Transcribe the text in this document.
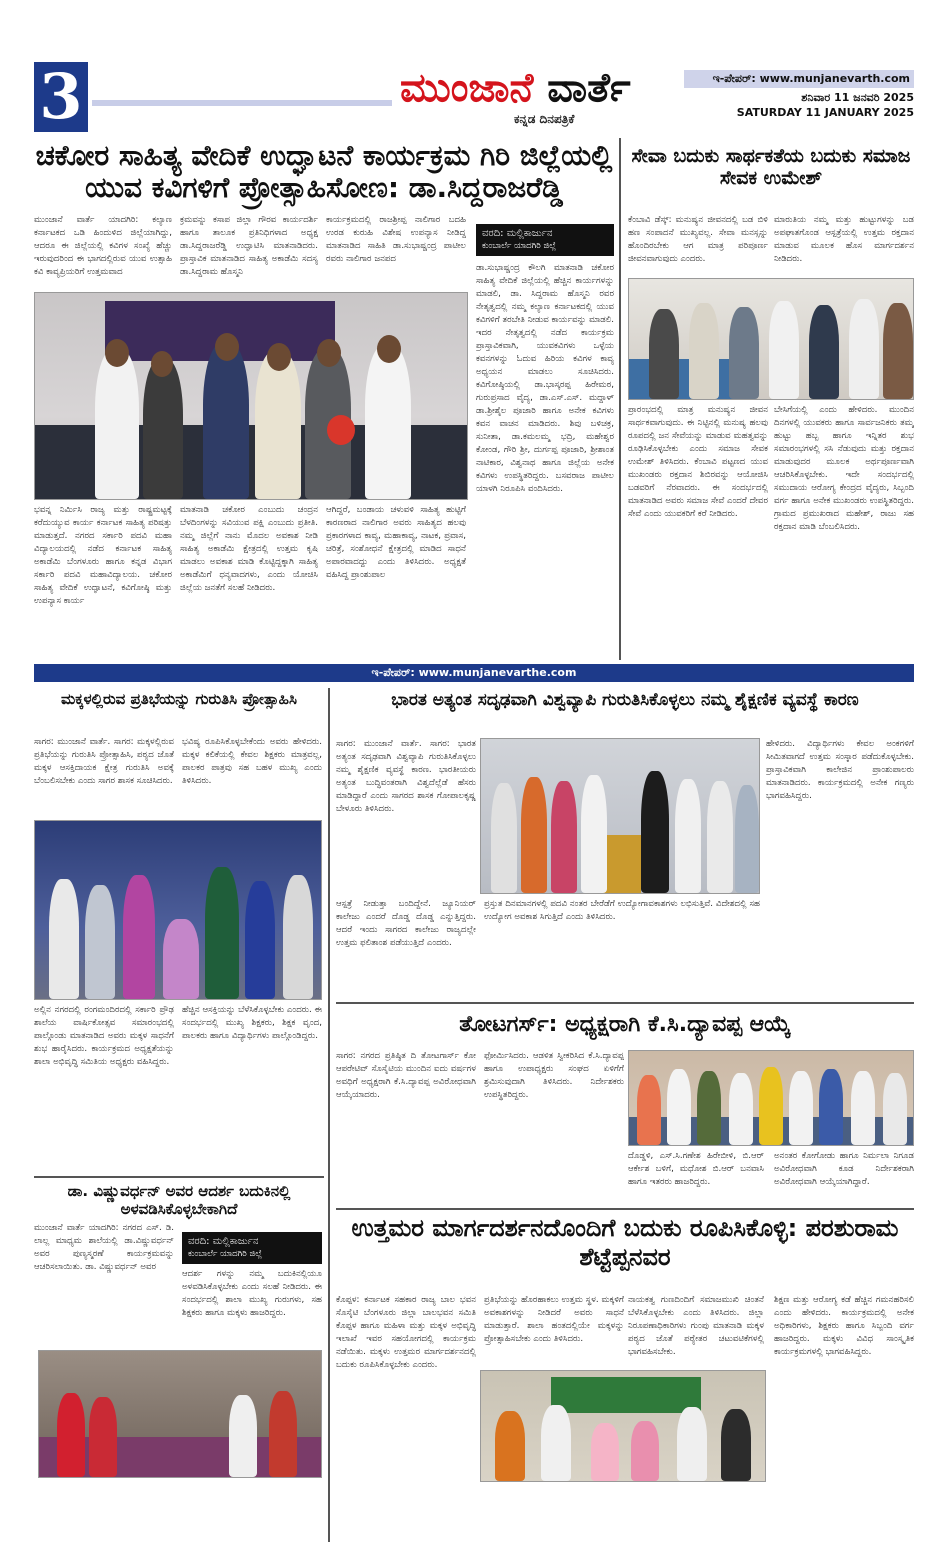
3	ಮುಂಜಾನೆ ವಾರ್ತೆ
ಕನ್ನಡ ದಿನಪತ್ರಿಕೆ
ಇ-ಪೇಪರ್: www.munjanevarth.com
ಶನಿವಾರ 11 ಜನವರಿ 2025
SATURDAY 11 JANUARY 2025
ಚಕೋರ ಸಾಹಿತ್ಯ ವೇದಿಕೆ ಉದ್ಘಾಟನೆ ಕಾರ್ಯಕ್ರಮ ಗಿರಿ ಜಿಲ್ಲೆಯಲ್ಲಿ ಯುವ ಕವಿಗಳಿಗೆ ಪ್ರೋತ್ಸಾಹಿಸೋಣ: ಡಾ.ಸಿದ್ದರಾಜರೆಡ್ಡಿ
ಮುಂಜಾನೆ ವಾರ್ತೆ ಯಾದಗಿರಿ: ಕಲ್ಯಾಣ ಕರ್ನಾಟಕದ ಒಡಿ ಹಿಂದುಳಿದ ಜಿಲ್ಲೆಯಾಗಿದ್ದು, ಆದರೂ ಈ ಜಿಲ್ಲೆಯಲ್ಲಿ ಕವಿಗಳ ಸಂಖ್ಯೆ ಹೆಚ್ಚು ಇರುವುದರಿಂದ ಈ ಭಾಗದಲ್ಲಿರುವ ಯುವ ಉತ್ಸಾಹಿ ಕವಿ ಕಾವ್ಯಪ್ರಿಯರಿಗೆ ಉತ್ತಮವಾದ
ಕ್ರಮವನ್ನು ಕಸಾಪ ಜಿಲ್ಲಾ ಗೌರವ ಕಾರ್ಯದರ್ಶಿ ಹಾಗೂ ತಾಲೂಕ ಪ್ರತಿನಿಧಿಗಳಾದ ಅಧ್ಯಕ್ಷ ಡಾ.ಸಿದ್ದರಾಜರೆಡ್ಡಿ ಉದ್ಘಾಟಿಸಿ ಮಾತನಾಡಿದರು. ಪ್ರಾಸ್ತಾವಿಕ ಮಾತನಾಡಿದ ಸಾಹಿತ್ಯ ಅಕಾಡೆಮಿ ಸದಸ್ಯ ಡಾ.ಸಿದ್ದರಾಮ ಹೊಸ್ಮನಿ
ಕಾರ್ಯಕ್ರಮದಲ್ಲಿ ರಾಜಶ್ರೀಪ್ಪ ನಾಲಿಗಾರ ಬದಹಿ ಉರಡ ಕುರುಹಿ ವಿಶೇಷ ಉಪನ್ಯಾಸ ನೀಡಿದ್ದ ಮಾತನಾಡಿದ ಸಾಹಿತಿ ಡಾ.ಸುಭಾಷ್ಚಂದ್ರ ಪಾಟೀಲ ರವರು ನಾಲಿಗಾರ ಜನಪದ
ವರದಿ: ಮಲ್ಲಿಕಾರ್ಜುನ
ಕುಂಬಾರ್ಲೆ ಯಾದಗಿರಿ ಜಿಲ್ಲೆ
ಡಾ.ಸುಭಾಷ್ಚಂದ್ರ ಕೌಲಗಿ ಮಾತನಾಡಿ ಚಕೋರ ಸಾಹಿತ್ಯ ವೇದಿಕೆ ಜಿಲ್ಲೆಯಲ್ಲಿ ಹೆಚ್ಚಿನ ಕಾರ್ಯಗಳನ್ನು ಮಾಡಲಿ, ಡಾ. ಸಿದ್ದರಾಮ ಹೊಸ್ಮನಿ ರವರ ನೇತೃತ್ವದಲ್ಲಿ ನಮ್ಮ ಕಲ್ಯಾಣ ಕರ್ನಾಟಕದಲ್ಲಿ ಯುವ ಕವಿಗಳಿಗೆ ತರಬೇತಿ ನೀಡುವ ಕಾರ್ಯವನ್ನು ಮಾಡಲಿ. ಇದರ ನೇತೃತ್ವದಲ್ಲಿ ನಡೆದ ಕಾರ್ಯಕ್ರಮ ಪ್ರಾಸ್ತಾವಿಕವಾಗಿ, ಯುವಕವಿಗಳು ಒಳ್ಳೆಯ ಕವನಗಳನ್ನು ಓದುವ ಹಿರಿಯ ಕವಿಗಳ ಕಾವ್ಯ ಅಧ್ಯಯನ ಮಾಡಲು ಸೂಚಿಸಿದರು. ಕವಿಗೋಷ್ಠಿಯಲ್ಲಿ ಡಾ.ಭಾಸ್ಕರಪ್ಪ ಹಿರೇಮಠ, ಗುರುಪ್ರಸಾದ ವೈದ್ಯ, ಡಾ.ಎಸ್.ಎಸ್. ಮದ್ದಾಳ್ ಡಾ.ಶ್ರೀಶೈಲ ಪೂಜಾರಿ ಹಾಗೂ ಅನೇಕ ಕವಿಗಳು ಕವನ ವಾಚನ ಮಾಡಿದರು. ಶಿವು ಬಳಿಚಕ್ರ, ಸುನೀತಾ, ಡಾ.ಕಮಲಮ್ಮ ಭದ್ರಿ, ಮಹೇಶ್ವರ ಕೋಂಡ, ಗೌರಿ ಶ್ರೀ, ದುರ್ಗಪ್ಪ ಪೂಜಾರಿ, ಶ್ರೀಶಾಂತ ನಾಟಿಕಾರ, ವಿಶ್ವನಾಥ ಹಾಗೂ ಜಿಲ್ಲೆಯ ಅನೇಕ ಕವಿಗಳು ಉಪಸ್ಥಿತರಿದ್ದರು. ಬಸವರಾಜ ಪಾಟೀಲ ಯಾಳಗಿ ನಿರೂಪಿಸಿ ವಂದಿಸಿದರು.
ಭವನ್ನ ನಿರ್ಮಿಸಿ ರಾಜ್ಯ ಮತ್ತು ರಾಷ್ಟ್ರಮಟ್ಟಕ್ಕೆ ಕರೆದುಯ್ಯುವ ಕಾರ್ಯ ಕರ್ನಾಟಕ ಸಾಹಿತ್ಯ ಪರಿಷತ್ತು ಮಾಡುತ್ತದೆ. ನಗರದ ಸರ್ಕಾರಿ ಪದವಿ ಮಹಾ ವಿದ್ಯಾಲಯದಲ್ಲಿ ನಡೆದ ಕರ್ನಾಟಕ ಸಾಹಿತ್ಯ ಅಕಾಡೆಮಿ ಬೆಂಗಳೂರು ಹಾಗೂ ಕನ್ನಡ ವಿಭಾಗ ಸರ್ಕಾರಿ ಪದವಿ ಮಹಾವಿದ್ಯಾಲಯ. ಚಕೋರ ಸಾಹಿತ್ಯ ವೇದಿಕೆ ಉದ್ಘಾಟನೆ, ಕವಿಗೋಷ್ಠಿ ಮತ್ತು ಉಪನ್ಯಾಸ ಕಾರ್ಯ
ಮಾತನಾಡಿ ಚಕೋರ ಎಂಬುದು ಚಂದ್ರನ ಬೆಳದಿಂಗಳನ್ನು ಸವಿಯುವ ಪಕ್ಷಿ ಎಂಬುದು ಪ್ರತೀತಿ. ನಮ್ಮ ಜಿಲ್ಲೆಗೆ ನಾನು ಮೊದಲ ಅವಕಾಶ ನೀಡಿ ಸಾಹಿತ್ಯ ಅಕಾಡೆಮಿ ಕ್ಷೇತ್ರದಲ್ಲಿ ಉತ್ತಮ ಕೃಷಿ ಮಾಡಲು ಅವಕಾಶ ಮಾಡಿ ಕೊಟ್ಟಿದ್ದಕ್ಕಾಗಿ ಸಾಹಿತ್ಯ ಅಕಾಡೆಮಿಗೆ ಧನ್ಯವಾದಗಳು, ಎಂದು ಯೋಚಿಸಿ ಜಿಲ್ಲೆಯ ಜನತೆಗೆ ಸಲಹೆ ನೀಡಿದರು.
ಆಗಿದ್ದರೆ, ಬಂಡಾಯ ಚಳುವಳಿ ಸಾಹಿತ್ಯ ಹುಟ್ಟಿಗೆ ಕಾರಣರಾದ ನಾಲಿಗಾರ ಅವರು ಸಾಹಿತ್ಯದ ಹಲವು ಪ್ರಕಾರಗಳಾದ ಕಾವ್ಯ, ಮಹಾಕಾವ್ಯ, ನಾಟಕ, ಪ್ರವಾಸ, ಚರಿತ್ರೆ, ಸಂಶೋಧನೆ ಕ್ಷೇತ್ರದಲ್ಲಿ ಮಾಡಿದ ಸಾಧನೆ ಅಪಾರವಾದದ್ದು ಎಂದು ತಿಳಿಸಿದರು. ಅಧ್ಯಕ್ಷತೆ ವಹಿಸಿದ್ದ ಪ್ರಾಂಶುಪಾಲ
ಸೇವಾ ಬದುಕು ಸಾರ್ಥಕತೆಯ ಬದುಕು ಸಮಾಜ ಸೇವಕ ಉಮೇಶ್
ಕೆಂಬಾವಿ ಡೆಸ್ಕ್: ಮನುಷ್ಯನ ಜೀವನದಲ್ಲಿ ಬಡ ಬಿಳಿ ಹಣ ಸಂಪಾದನೆ ಮುಖ್ಯವಲ್ಲ. ಸೇವಾ ಮನಸ್ಸನ್ನು ಹೊಂದಿರಬೇಕು ಆಗ ಮಾತ್ರ ಪರಿಪೂರ್ಣ ಜೀವನವಾಗುವುದು ಎಂದರು.
ಮಾರುತಿಯ ನಮ್ಮ ಮತ್ತು ಹುಟ್ಟುಗಳನ್ನು ಬಡ ಅಪಘಾತಗೊಂಡ ಆಸ್ಪತ್ರೆಯಲ್ಲಿ ಉತ್ತಮ ರಕ್ತದಾನ ಮಾಡುವ ಮೂಲಕ ಹೊಸ ಮಾರ್ಗದರ್ಶನ ನೀಡಿದರು.
ಪ್ರಾರಂಭದಲ್ಲಿ ಮಾತ್ರ ಮನುಷ್ಯನ ಜೀವನ ಸಾರ್ಥಕವಾಗುವುದು. ಈ ನಿಟ್ಟಿನಲ್ಲಿ ಮನುಷ್ಯ ಹಲವು ರೂಪದಲ್ಲಿ ಜನ ಸೇವೆಯನ್ನು ಮಾಡುವ ಮಹತ್ವವನ್ನು ರೂಢಿಸಿಕೊಳ್ಳಬೇಕು ಎಂದು ಸಮಾಜ ಸೇವಕ ಉಮೇಶ್ ತಿಳಿಸಿದರು. ಕೆಂಬಾವಿ ಪಟ್ಟಣದ ಯುವ ಮುಖಂಡರು ರಕ್ತದಾನ ಶಿಬಿರವನ್ನು ಆಯೋಜಿಸಿ ಬಡವರಿಗೆ ನೆರವಾದರು. ಈ ಸಂದರ್ಭದಲ್ಲಿ ಮಾತನಾಡಿದ ಅವರು ಸಮಾಜ ಸೇವೆ ಎಂದರೆ ದೇವರ ಸೇವೆ ಎಂದು ಯುವಕರಿಗೆ ಕರೆ ನೀಡಿದರು.
ಬೇಸಿಗೆಯಲ್ಲಿ ಎಂದು ಹೇಳಿದರು. ಮುಂದಿನ ದಿನಗಳಲ್ಲಿ ಯುವಕರು ಹಾಗೂ ಸಾರ್ವಜನಿಕರು ತಮ್ಮ ಹುಟ್ಟು ಹಬ್ಬ ಹಾಗೂ ಇನ್ನಿತರ ಶುಭ ಸಮಾರಂಭಗಳಲ್ಲಿ ಸಸಿ ನೆಡುವುದು ಮತ್ತು ರಕ್ತದಾನ ಮಾಡುವುದರ ಮೂಲಕ ಅರ್ಥಪೂರ್ಣವಾಗಿ ಆಚರಿಸಿಕೊಳ್ಳಬೇಕು. ಇದೇ ಸಂದರ್ಭದಲ್ಲಿ ಸಮುದಾಯ ಆರೋಗ್ಯ ಕೇಂದ್ರದ ವೈದ್ಯರು, ಸಿಬ್ಬಂದಿ ವರ್ಗ ಹಾಗೂ ಅನೇಕ ಮುಖಂಡರು ಉಪಸ್ಥಿತರಿದ್ದರು. ಗ್ರಾಮದ ಪ್ರಮುಖರಾದ ಮಹೇಶ್, ರಾಜು ಸಹ ರಕ್ತದಾನ ಮಾಡಿ ಬೆಂಬಲಿಸಿದರು.
ಇ-ಪೇಪರ್: www.munjanevarthe.com
ಮಕ್ಕಳಲ್ಲಿರುವ ಪ್ರತಿಭೆಯನ್ನು ಗುರುತಿಸಿ ಪ್ರೋತ್ಸಾಹಿಸಿ
ಸಾಗರ: ಮುಂಜಾನೆ ವಾರ್ತೆ. ಸಾಗರ: ಮಕ್ಕಳಲ್ಲಿರುವ ಪ್ರತಿಭೆಯನ್ನು ಗುರುತಿಸಿ ಪ್ರೋತ್ಸಾಹಿಸಿ, ಪಠ್ಯದ ಜೊತೆ ಮಕ್ಕಳ ಆಸಕ್ತಿದಾಯಕ ಕ್ಷೇತ್ರ ಗುರುತಿಸಿ ಅವಕ್ಕೆ ಬೆಂಬಲಿಸಬೇಕು ಎಂದು ಸಾಗರ ಶಾಸಕ ಸೂಚಿಸಿದರು.
ಭವಿಷ್ಯ ರೂಪಿಸಿಕೊಳ್ಳಬೇಕೆಂದು ಅವರು ಹೇಳಿದರು. ಮಕ್ಕಳ ಕಲಿಕೆಯಲ್ಲಿ ಕೇವಲ ಶಿಕ್ಷಕರು ಮಾತ್ರವಲ್ಲ, ಪಾಲಕರ ಪಾತ್ರವು ಸಹ ಬಹಳ ಮುಖ್ಯ ಎಂದು ತಿಳಿಸಿದರು.
ಅಲ್ಲಿನ ನಗರದಲ್ಲಿ ರಂಗಮಂದಿರದಲ್ಲಿ ಸರ್ಕಾರಿ ಪ್ರೌಢ ಶಾಲೆಯ ವಾರ್ಷಿಕೋತ್ಸವ ಸಮಾರಂಭದಲ್ಲಿ ಪಾಲ್ಗೊಂಡು ಮಾತನಾಡಿದ ಅವರು ಮಕ್ಕಳ ಸಾಧನೆಗೆ ಶುಭ ಹಾರೈಸಿದರು. ಕಾರ್ಯಕ್ರಮದ ಅಧ್ಯಕ್ಷತೆಯನ್ನು ಶಾಲಾ ಅಭಿವೃದ್ಧಿ ಸಮಿತಿಯ ಅಧ್ಯಕ್ಷರು ವಹಿಸಿದ್ದರು.
ಹೆಚ್ಚಿನ ಆಸಕ್ತಿಯನ್ನು ಬೆಳೆಸಿಕೊಳ್ಳಬೇಕು ಎಂದರು. ಈ ಸಂದರ್ಭದಲ್ಲಿ ಮುಖ್ಯ ಶಿಕ್ಷಕರು, ಶಿಕ್ಷಕ ವೃಂದ, ಪಾಲಕರು ಹಾಗೂ ವಿದ್ಯಾರ್ಥಿಗಳು ಪಾಲ್ಗೊಂಡಿದ್ದರು.
ಭಾರತ ಅತ್ಯಂತ ಸದೃಢವಾಗಿ ವಿಶ್ವವ್ಯಾಪಿ ಗುರುತಿಸಿಕೊಳ್ಳಲು ನಮ್ಮ ಶೈಕ್ಷಣಿಕ ವ್ಯವಸ್ಥೆ ಕಾರಣ
ಸಾಗರ: ಮುಂಜಾನೆ ವಾರ್ತೆ. ಸಾಗರ: ಭಾರತ ಅತ್ಯಂತ ಸದೃಢವಾಗಿ ವಿಶ್ವವ್ಯಾಪಿ ಗುರುತಿಸಿಕೊಳ್ಳಲು ನಮ್ಮ ಶೈಕ್ಷಣಿಕ ವ್ಯವಸ್ಥೆ ಕಾರಣ. ಭಾರತೀಯರು ಅತ್ಯಂತ ಬುದ್ಧಿವಂತರಾಗಿ ವಿಶ್ವದೆಲ್ಲೆಡೆ ಹೆಸರು ಮಾಡಿದ್ದಾರೆ ಎಂದು ಸಾಗರದ ಶಾಸಕ ಗೋಪಾಲಕೃಷ್ಣ ಬೇಳೂರು ತಿಳಿಸಿದರು.
ಹೇಳಿದರು. ವಿದ್ಯಾರ್ಥಿಗಳು ಕೇವಲ ಅಂಕಗಳಿಗೆ ಸೀಮಿತವಾಗದೆ ಉತ್ತಮ ಸಂಸ್ಕಾರ ಪಡೆದುಕೊಳ್ಳಬೇಕು. ಪ್ರಾಸ್ತಾವಿಕವಾಗಿ ಕಾಲೇಜಿನ ಪ್ರಾಂಶುಪಾಲರು ಮಾತನಾಡಿದರು. ಕಾರ್ಯಕ್ರಮದಲ್ಲಿ ಅನೇಕ ಗಣ್ಯರು ಭಾಗವಹಿಸಿದ್ದರು.
ಆಸ್ಪತ್ರೆ ನೀಡುತ್ತಾ ಬಂದಿದ್ದೇನೆ. ಜ್ಯೂನಿಯರ್ ಕಾಲೇಜು ಎಂದರೆ ದೊಡ್ಡ ದೊಡ್ಡ ಎನ್ನುತ್ತಿದ್ದರು. ಆದರೆ ಇಂದು ಸಾಗರದ ಕಾಲೇಜು ರಾಜ್ಯದಲ್ಲೇ ಉತ್ತಮ ಫಲಿತಾಂಶ ಪಡೆಯುತ್ತಿದೆ ಎಂದರು.
ಪ್ರಸ್ತುತ ದಿನಮಾನಗಳಲ್ಲಿ ಪದವಿ ನಂತರ ಬೇರೆಡೆಗೆ ಉದ್ಯೋಗಾವಕಾಶಗಳು ಲಭಿಸುತ್ತಿವೆ. ವಿದೇಶದಲ್ಲಿ ಸಹ ಉದ್ಯೋಗ ಅವಕಾಶ ಸಿಗುತ್ತಿದೆ ಎಂದು ತಿಳಿಸಿದರು.
ತೋಟಗರ್ಸ್: ಅಧ್ಯಕ್ಷರಾಗಿ ಕೆ.ಸಿ.ದ್ಯಾವಪ್ಪ ಆಯ್ಕೆ
ಸಾಗರ: ನಗರದ ಪ್ರತಿಷ್ಠಿತ ದಿ ತೋಟಗಾರ್ಸ್ ಕೋ ಆಪರೇಟಿವ್ ಸೊಸೈಟಿಯ ಮುಂದಿನ ಐದು ವರ್ಷಗಳ ಅವಧಿಗೆ ಅಧ್ಯಕ್ಷರಾಗಿ ಕೆ.ಸಿ.ದ್ಯಾವಪ್ಪ ಅವಿರೋಧವಾಗಿ ಆಯ್ಕೆಯಾದರು.
ಫೋರ್ಮಿಸಿದರು. ಆಡಳಿತ ಸ್ವೀಕರಿಸಿದ ಕೆ.ಸಿ.ದ್ಯಾವಪ್ಪ ಹಾಗೂ ಉಪಾಧ್ಯಕ್ಷರು ಸಂಘದ ಏಳಿಗೆಗೆ ಶ್ರಮಿಸುವುದಾಗಿ ತಿಳಿಸಿದರು. ನಿರ್ದೇಶಕರು ಉಪಸ್ಥಿತರಿದ್ದರು.
ದೊಡ್ಡಳಿ, ಎಸ್.ಸಿ.ಗಣೇಶ ಹಿರೇಬೀಳಿ, ಬಿ.ಆರ್ ಆರ್ಕೇಶ ಬಳಿಗೆ, ಮಧೋಶ ಬಿ.ಆರ್ ಬನವಾಸಿ ಹಾಗೂ ಇತರರು ಹಾಜರಿದ್ದರು.
ಅನಂತರ ಕೋಗೋಡು ಹಾಗೂ ನಿರ್ಮಲಾ ನಿಗೂಡ ಅವಿರೋಧವಾಗಿ ಕೂಡ ನಿರ್ದೇಶಕರಾಗಿ ಅವಿರೋಧವಾಗಿ ಆಯ್ಕೆಯಾಗಿದ್ದಾರೆ.
ಡಾ. ವಿಷ್ಣುವರ್ಧನ್ ಅವರ ಆದರ್ಶ ಬದುಕಿನಲ್ಲಿ ಅಳವಡಿಸಿಕೊಳ್ಳಬೇಕಾಗಿದೆ
ಮುಂಜಾನೆ ವಾರ್ತೆ ಯಾದಗಿರಿ: ನಗರದ ಎಸ್. ಡಿ. ಲಾಲ್ಲ ಮಾಧ್ಯಮ ಶಾಲೆಯಲ್ಲಿ ಡಾ.ವಿಷ್ಣುವರ್ಧನ್ ಅವರ ಪುಣ್ಯಸ್ಮರಣೆ ಕಾರ್ಯಕ್ರಮವನ್ನು ಆಚರಿಸಲಾಯಿತು. ಡಾ. ವಿಷ್ಣುವರ್ಧನ್ ಅವರ
ವರದಿ: ಮಲ್ಲಿಕಾರ್ಜುನ
ಕುಂಬಾರ್ಲೆ ಯಾದಗಿರಿ ಜಿಲ್ಲೆ
ಆದರ್ಶ ಗಳನ್ನು ನಮ್ಮ ಬದುಕಿನಲ್ಲಿಯೂ ಅಳವಡಿಸಿಕೊಳ್ಳಬೇಕು ಎಂದು ಸಲಹೆ ನೀಡಿದರು. ಈ ಸಂದರ್ಭದಲ್ಲಿ ಶಾಲಾ ಮುಖ್ಯ ಗುರುಗಳು, ಸಹ ಶಿಕ್ಷಕರು ಹಾಗೂ ಮಕ್ಕಳು ಹಾಜರಿದ್ದರು.
ಉತ್ತಮರ ಮಾರ್ಗದರ್ಶನದೊಂದಿಗೆ ಬದುಕು ರೂಪಿಸಿಕೊಳ್ಳಿ: ಪರಶುರಾಮ ಶೆಟ್ಟೆಪ್ಪನವರ
ಕೊಪ್ಪಳ: ಕರ್ನಾಟಕ ಸಹಕಾರ ರಾಜ್ಯ ಬಾಲ ಭವನ ಸೊಸೈಟಿ ಬೆಂಗಳೂರು ಜಿಲ್ಲಾ ಬಾಲಭವನ ಸಮಿತಿ ಕೊಪ್ಪಳ ಹಾಗೂ ಮಹಿಳಾ ಮತ್ತು ಮಕ್ಕಳ ಅಭಿವೃದ್ಧಿ ಇಲಾಖೆ ಇವರ ಸಹಯೋಗದಲ್ಲಿ ಕಾರ್ಯಕ್ರಮ ನಡೆಯಿತು. ಮಕ್ಕಳು ಉತ್ತಮರ ಮಾರ್ಗದರ್ಶನದಲ್ಲಿ ಬದುಕು ರೂಪಿಸಿಕೊಳ್ಳಬೇಕು ಎಂದರು.
ಪ್ರತಿಭೆಯನ್ನು ಹೊರಹಾಕಲು ಉತ್ತಮ ಸ್ಥಳ. ಮಕ್ಕಳಿಗೆ ಅವಕಾಶಗಳನ್ನು ನೀಡಿದರೆ ಅವರು ಸಾಧನೆ ಮಾಡುತ್ತಾರೆ. ಶಾಲಾ ಹಂತದಲ್ಲಿಯೇ ಮಕ್ಕಳನ್ನು ಪ್ರೋತ್ಸಾಹಿಸಬೇಕು ಎಂದು ತಿಳಿಸಿದರು.
ನಾಯಕತ್ವ ಗುಣದಿಂದಿಗೆ ಸಮಾಜಮುಖಿ ಚಿಂತನೆ ಬೆಳೆಸಿಕೊಳ್ಳಬೇಕು ಎಂದು ತಿಳಿಸಿದರು. ಜಿಲ್ಲಾ ನಿರೂಪಣಾಧಿಕಾರಿಗಳು ಗುಂಪು ಮಾತನಾಡಿ ಮಕ್ಕಳ ಪಠ್ಯದ ಜೊತೆ ಪಠ್ಯೇತರ ಚಟುವಟಿಕೆಗಳಲ್ಲಿ ಭಾಗವಹಿಸಬೇಕು.
ಶಿಕ್ಷಣ ಮತ್ತು ಆರೋಗ್ಯ ಕಡೆ ಹೆಚ್ಚಿನ ಗಮನಹರಿಸಲಿ ಎಂದು ಹೇಳಿದರು. ಕಾರ್ಯಕ್ರಮದಲ್ಲಿ ಅನೇಕ ಅಧಿಕಾರಿಗಳು, ಶಿಕ್ಷಕರು ಹಾಗೂ ಸಿಬ್ಬಂದಿ ವರ್ಗ ಹಾಜರಿದ್ದರು. ಮಕ್ಕಳು ವಿವಿಧ ಸಾಂಸ್ಕೃತಿಕ ಕಾರ್ಯಕ್ರಮಗಳಲ್ಲಿ ಭಾಗವಹಿಸಿದ್ದರು.
